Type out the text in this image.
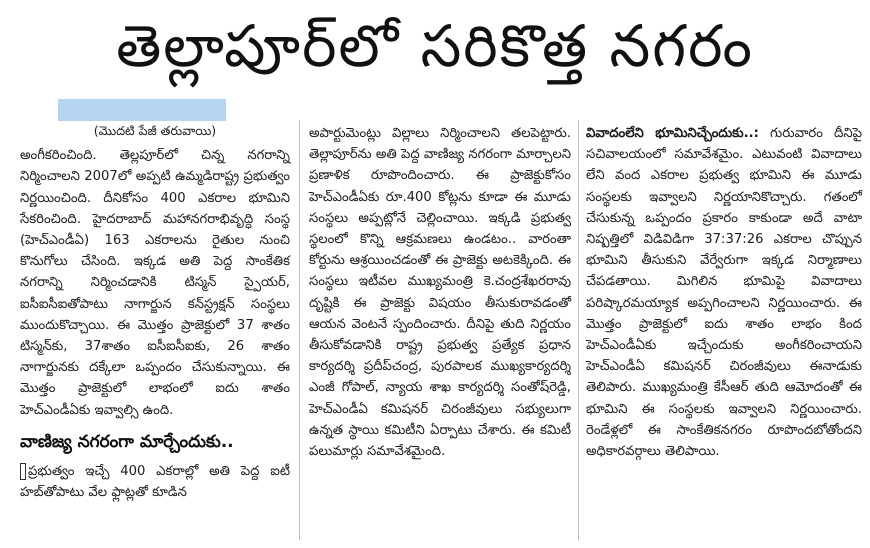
తెల్లాపూర్‌లో సరికొత్త నగరం
(మొదటి పేజీ తరువాయి)

అంగీకరించింది. తెల్లపూర్‌లో చిన్న నగరాన్ని నిర్మించాలని 2007లో అప్పటి ఉమ్మడిరాష్ట్ర ప్రభుత్వం నిర్ణయించింది. దీనికోసం 400 ఎకరాల భూమిని సేకరించింది. హైదరాబాద్ మహానగరాభివృద్ధి సంస్థ (హెచ్ఎండీఏ) 163 ఎకరాలను రైతుల నుంచి కొనుగోలు చేసింది. ఇక్కడ అతి పెద్ద సాంకేతిక నగరాన్ని నిర్మించడానికి టిస్మన్ స్పైయర్, ఐసీఐసీఐతోపాటు నాగార్జున కన్‌స్ట్రక్షన్ సంస్థలు ముందుకొచ్చాయి. ఈ మొత్తం ప్రాజెక్టులో 37 శాతం టిస్మన్‌కు, 37శాతం ఐసీఐసీఐకు, 26 శాతం నాగార్జునకు దక్కేలా ఒప్పందం చేసుకున్నాయి. ఈ మొత్తం ప్రాజెక్టులో లాభంలో ఐదు శాతం హెచ్ఎండీఏకు ఇవ్వాల్సి ఉంది.

వాణిజ్య నగరంగా మార్చేందుకు..

ప్రభుత్వం ఇచ్చే 400 ఎకరాల్లో అతి పెద్ద ఐటీ హబ్‌తోపాటు వేల ఫ్లాట్లతో కూడిన

అపార్టుమెంట్లు విల్లాలు నిర్మించాలని తలపెట్టారు. తెల్లాపూర్‌ను అతి పెద్ద వాణిజ్య నగరంగా మార్చాలని ప్రణాళిక రూపొందించారు. ఈ ప్రాజెక్టుకోసం హెచ్ఎండీఏకు రూ.400 కోట్లను కూడా ఈ మూడు సంస్థలు అప్పట్లోనే చెల్లించాయి. ఇక్కడి ప్రభుత్వ స్థలంలో కొన్ని ఆక్రమణలు ఉండటం.. వారంతా కోర్టును ఆశ్రయించడంతో ఈ ప్రాజెక్టు అటకెక్కింది. ఈ సంస్థలు ఇటీవల ముఖ్యమంత్రి కె.చంద్రశేఖరరావు దృష్టికి ఈ ప్రాజెక్టు విషయం తీసుకురావడంతో ఆయన వెంటనే స్పందించారు. దీనిపై తుది నిర్ణయం తీసుకోవడానికి రాష్ట్ర ప్రభుత్వ ప్రత్యేక ప్రధాన కార్యదర్శి ప్రదీప్‌చంద్ర, పురపాలక ముఖ్యకార్యదర్శి ఎంజీ గోపాల్, న్యాయ శాఖ కార్యదర్శి సంతోష్‌రెడ్డి, హెచ్ఎండీఏ కమిషనర్ చిరంజీవులు సభ్యులుగా ఉన్నత స్థాయి కమిటీని ఏర్పాటు చేశారు. ఈ కమిటీ పలుమార్లు సమావేశమైంది.

వివాదంలేని భూమినిచ్చేందుకు..: గురువారం దీనిపై సచివాలయంలో సమావేశమైం. ఎటువంటి వివాదాలు లేని వంద ఎకరాల ప్రభుత్వ భూమిని ఈ మూడు సంస్థలకు ఇవ్వాలని నిర్ణయానికొచ్చారు. గతంలో చేసుకున్న ఒప్పందం ప్రకారం కాకుండా అదే వాటా నిష్పత్తిలో విడివిడిగా 37:37:26 ఎకరాల చొప్పున భూమిని తీసుకుని వేర్వేరుగా ఇక్కడ నిర్మాణాలు చేపడతాయి. మిగిలిన భూమిపై వివాదాలు పరిష్కారమయ్యాక అప్పగించాలని నిర్ణయించారు. ఈ మొత్తం ప్రాజెక్టులో ఐదు శాతం లాభం కింద హెచ్ఎండీఏకు ఇచ్చేందుకు అంగీకరించాయని హెచ్ఎండీఏ కమిషనర్ చిరంజీవులు ఈనాడుకు తెలిపారు. ముఖ్యమంత్రి కేసీఆర్ తుది ఆమోదంతో ఈ భూమిని ఈ సంస్థలకు ఇవ్వాలని నిర్ణయించారు. రెండేళ్లలో ఈ సాంకేతికనగరం రూపొందబోతోందని అధికారవర్గాలు తెలిపాయి.
